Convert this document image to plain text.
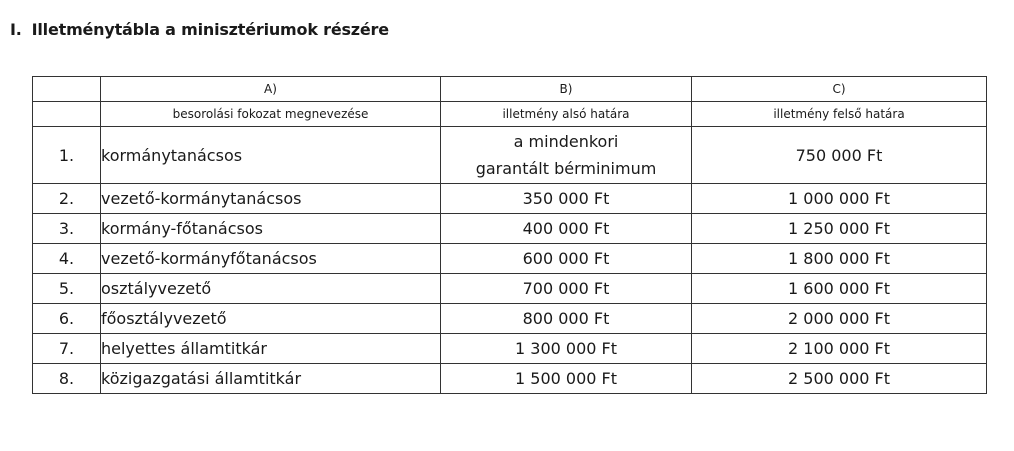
I. Illetménytábla a minisztériumok részére
	A)	B)	C)
	besorolási fokozat megnevezése	illetmény alsó határa	illetmény felső határa
1.	kormánytanácsos	a mindenkori
garantált bérminimum	750 000 Ft
2.	vezető-kormánytanácsos	350 000 Ft	1 000 000 Ft
3.	kormány-főtanácsos	400 000 Ft	1 250 000 Ft
4.	vezető-kormányfőtanácsos	600 000 Ft	1 800 000 Ft
5.	osztályvezető	700 000 Ft	1 600 000 Ft
6.	főosztályvezető	800 000 Ft	2 000 000 Ft
7.	helyettes államtitkár	1 300 000 Ft	2 100 000 Ft
8.	közigazgatási államtitkár	1 500 000 Ft	2 500 000 Ft
